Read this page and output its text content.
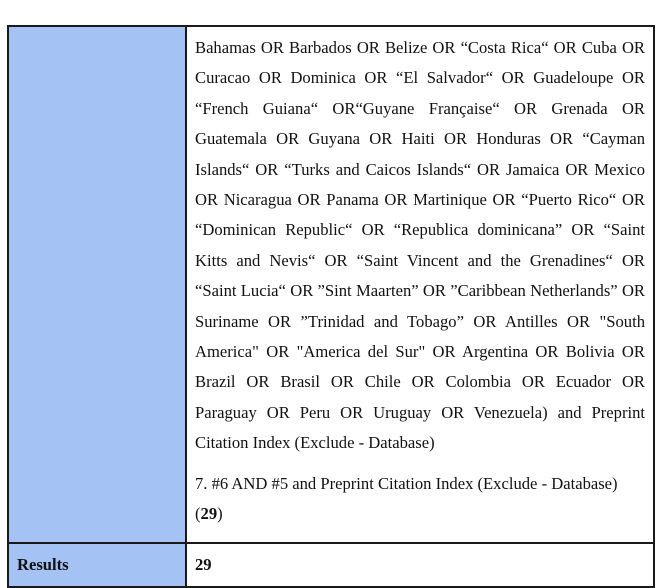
	Bahamas OR Barbados OR Belize OR “Costa Rica“ OR Cuba OR Curacao OR Dominica OR “El Salvador“ OR Guadeloupe OR “French Guiana“ OR“Guyane Française“ OR Grenada OR Guatemala OR Guyana OR Haiti OR Honduras OR “Cayman Islands“ OR “Turks and Caicos Islands“ OR Jamaica OR Mexico OR Nicaragua OR Panama OR Martinique OR “Puerto Rico“ OR “Dominican Republic“ OR “Republica dominicana” OR “Saint Kitts and Nevis“ OR “Saint Vincent and the Grenadines“ OR “Saint Lucia“ OR ”Sint Maarten” OR ”Caribbean Netherlands” OR Suriname OR ”Trinidad and Tobago” OR Antilles OR "South America" OR "America del Sur" OR Argentina OR Bolivia OR Brazil OR Brasil OR Chile OR Colombia OR Ecuador OR Paraguay OR Peru OR Uruguay OR Venezuela) and Preprint Citation Index (Exclude - Database)

7. #6 AND #5 and Preprint Citation Index (Exclude - Database)
(29)

Results	29
